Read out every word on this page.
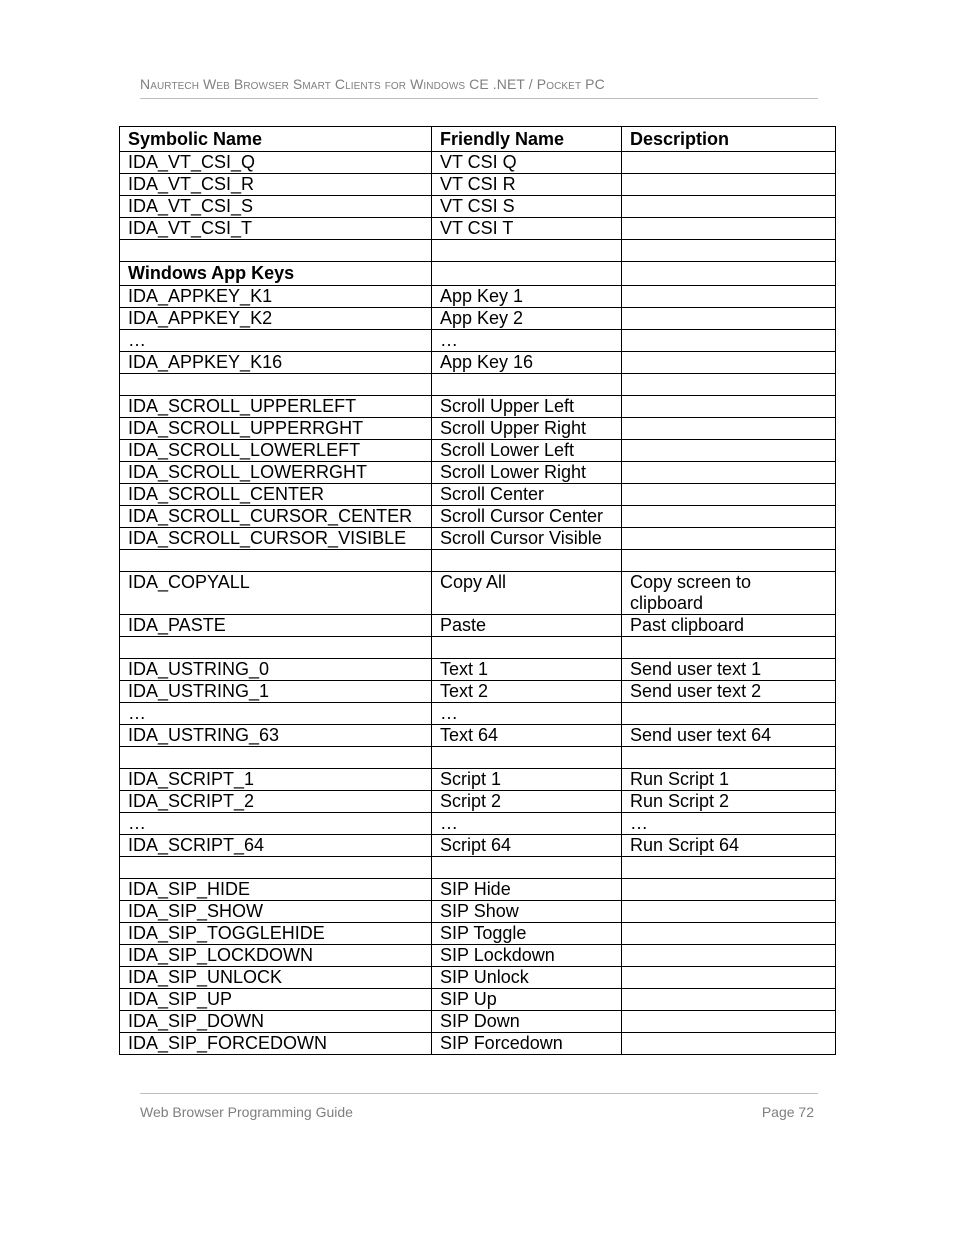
Naurtech Web Browser Smart Clients for Windows CE .NET / Pocket PC
Symbolic Name	Friendly Name	Description
IDA_VT_CSI_Q	VT CSI Q	
IDA_VT_CSI_R	VT CSI R	
IDA_VT_CSI_S	VT CSI S	
IDA_VT_CSI_T	VT CSI T	

Windows App Keys		
IDA_APPKEY_K1	App Key 1	
IDA_APPKEY_K2	App Key 2	
…	…	
IDA_APPKEY_K16	App Key 16	

IDA_SCROLL_UPPERLEFT	Scroll Upper Left	
IDA_SCROLL_UPPERRGHT	Scroll Upper Right	
IDA_SCROLL_LOWERLEFT	Scroll Lower Left	
IDA_SCROLL_LOWERRGHT	Scroll Lower Right	
IDA_SCROLL_CENTER	Scroll Center	
IDA_SCROLL_CURSOR_CENTER	Scroll Cursor Center	
IDA_SCROLL_CURSOR_VISIBLE	Scroll Cursor Visible	

IDA_COPYALL	Copy All	Copy screen to clipboard
IDA_PASTE	Paste	Past clipboard

IDA_USTRING_0	Text 1	Send user text 1
IDA_USTRING_1	Text 2	Send user text 2
…	…	
IDA_USTRING_63	Text 64	Send user text 64

IDA_SCRIPT_1	Script 1	Run Script 1
IDA_SCRIPT_2	Script 2	Run Script 2
…	…	…
IDA_SCRIPT_64	Script 64	Run Script 64

IDA_SIP_HIDE	SIP Hide	
IDA_SIP_SHOW	SIP Show	
IDA_SIP_TOGGLEHIDE	SIP Toggle	
IDA_SIP_LOCKDOWN	SIP Lockdown	
IDA_SIP_UNLOCK	SIP Unlock	
IDA_SIP_UP	SIP Up	
IDA_SIP_DOWN	SIP Down	
IDA_SIP_FORCEDOWN	SIP Forcedown	
Web Browser Programming Guide	Page 72
